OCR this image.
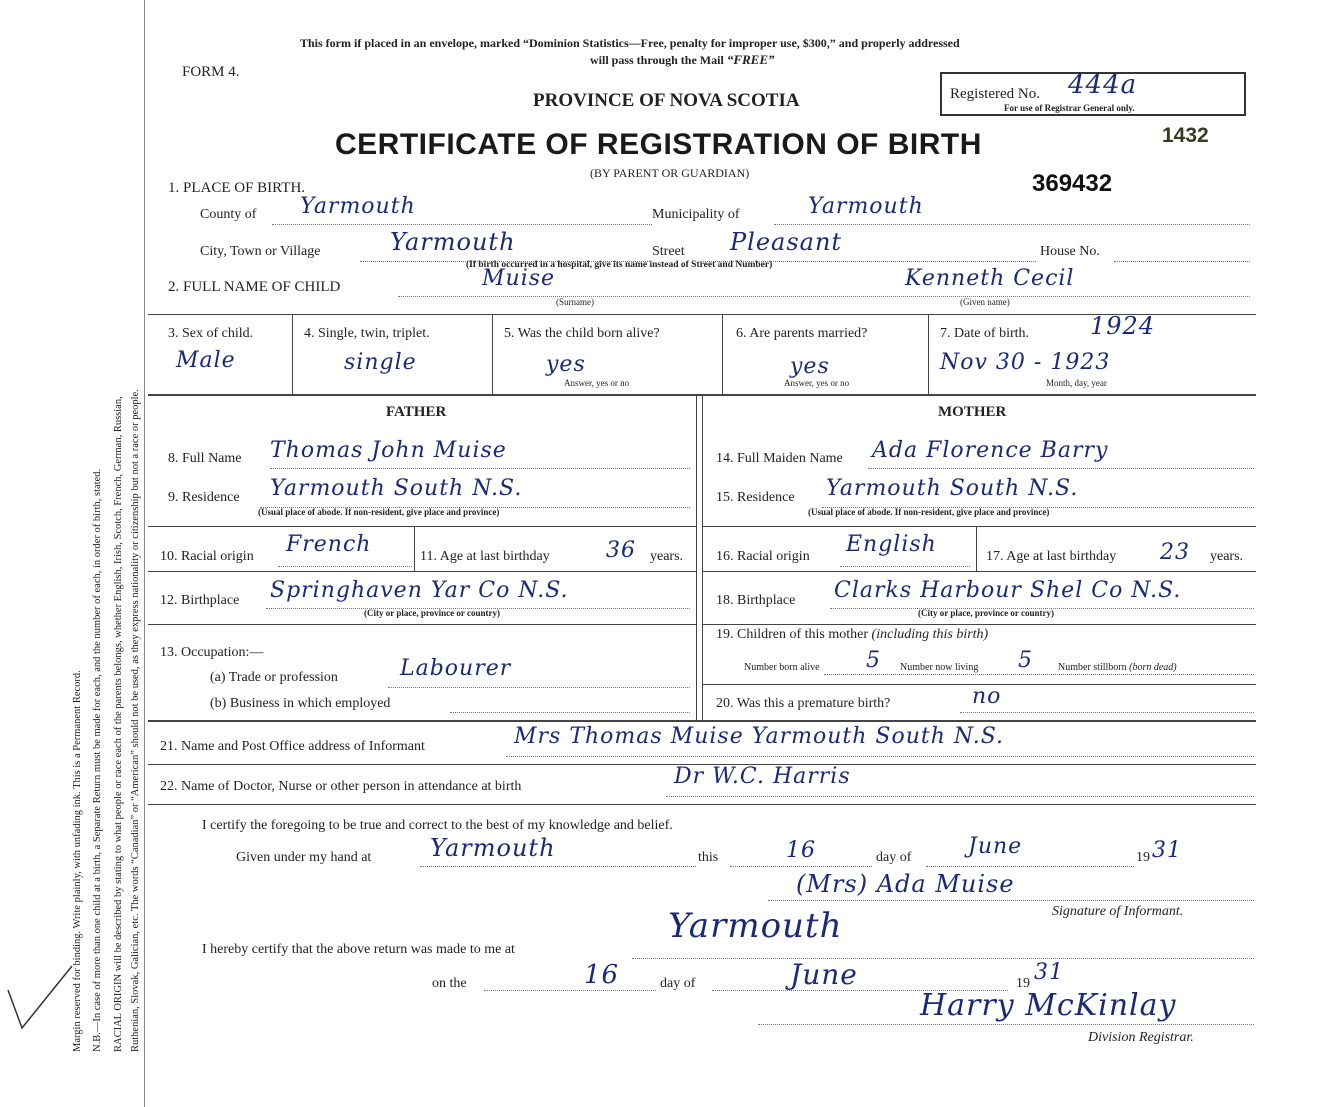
Margin reserved for binding. Write plainly, with unfading ink. This is a Permanent Record. N.B.—In case of more than one child at a birth, a Separate Return must be made for each, and the number of each, in order of birth, stated. RACIAL ORIGIN will be described by stating to what people or race each of the parents belongs, whether English, Irish, Scotch, French, German, Russian, Ruthenian, Slovak, Galician, etc. The words “Canadian” or “American” should not be used, as they express nationality or citizenship but not a race or people.
This form if placed in an envelope, marked “Dominion Statistics—Free, penalty for improper use, $300,” and properly addressed
will pass through the Mail “FREE”
FORM 4.
PROVINCE OF NOVA SCOTIA
CERTIFICATE OF REGISTRATION OF BIRTH
(BY PARENT OR GUARDIAN)
Registered No. 444a
For use of Registrar General only.
1432
369432
1. PLACE OF BIRTH.
County of Yarmouth	Municipality of	Yarmouth
City, Town or Village	Yarmouth	Street Pleasant	House No.
(If birth occurred in a hospital, give its name instead of Street and Number)
2. FULL NAME OF CHILD	Muise	Kenneth Cecil
(Surname)	(Given name)
3. Sex of child.
Male
4. Single, twin, triplet.
single
5. Was the child born alive?
yes
Answer, yes or no
6. Are parents married?
yes
Answer, yes or no
7. Date of birth.	1924
Nov 30 - 1923
Month, day, year
FATHER	MOTHER
8. Full Name Thomas John Muise	14. Full Maiden Name Ada Florence Barry
9. Residence Yarmouth South N.S.
(Usual place of abode. If non-resident, give place and province)
15. Residence Yarmouth South N.S.
(Usual place of abode. If non-resident, give place and province)
10. Racial origin French	11. Age at last birthday	36 years. 16. Racial origin English	17. Age at last birthday 23 years.
12. Birthplace Springhaven Yar Co N.S.
(City or place, province or country)
18. Birthplace Clarks Harbour Shel Co N.S.
(City or place, province or country)
13. Occupation:—
(a) Trade or profession	Labourer
(b) Business in which employed
19. Children of this mother (including this birth)
Number born alive 5 Number now living 5	Number stillborn (born dead)
20. Was this a premature birth?	no
21. Name and Post Office address of Informant	Mrs Thomas Muise Yarmouth South N.S.
22. Name of Doctor, Nurse or other person in attendance at birth	Dr W.C. Harris
I certify the foregoing to be true and correct to the best of my knowledge and belief.
Given under my hand at Yarmouth	this	16	day of	June	19 31
(Mrs) Ada Muise
Signature of Informant.
I hereby certify that the above return was made to me at
Yarmouth
on the	16	day of	June	19 31
Harry McKinlay
Division Registrar.
